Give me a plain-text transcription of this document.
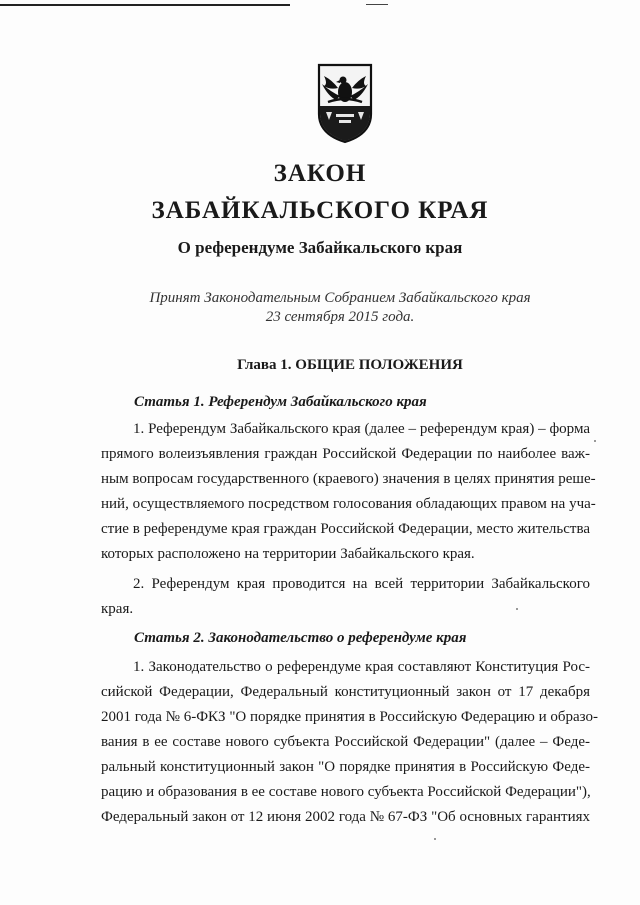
ЗАКОН
ЗАБАЙКАЛЬСКОГО КРАЯ
О референдуме Забайкальского края
Принят Законодательным Собранием Забайкальского края
23 сентября 2015 года.
Глава 1. ОБЩИЕ ПОЛОЖЕНИЯ
Статья 1. Референдум Забайкальского края
1. Референдум Забайкальского края (далее – референдум края) – форма
прямого волеизъявления граждан Российской Федерации по наиболее важ-
ным вопросам государственного (краевого) значения в целях принятия реше-
ний, осуществляемого посредством голосования обладающих правом на уча-
стие в референдуме края граждан Российской Федерации, место жительства
которых расположено на территории Забайкальского края.
2. Референдум края проводится на всей территории Забайкальского
края.
Статья 2. Законодательство о референдуме края
1. Законодательство о референдуме края составляют Конституция Рос-
сийской Федерации, Федеральный конституционный закон от 17 декабря
2001 года № 6-ФКЗ "О порядке принятия в Российскую Федерацию и образо-
вания в ее составе нового субъекта Российской Федерации" (далее – Феде-
ральный конституционный закон "О порядке принятия в Российскую Феде-
рацию и образования в ее составе нового субъекта Российской Федерации"),
Федеральный закон от 12 июня 2002 года № 67-ФЗ "Об основных гарантиях
